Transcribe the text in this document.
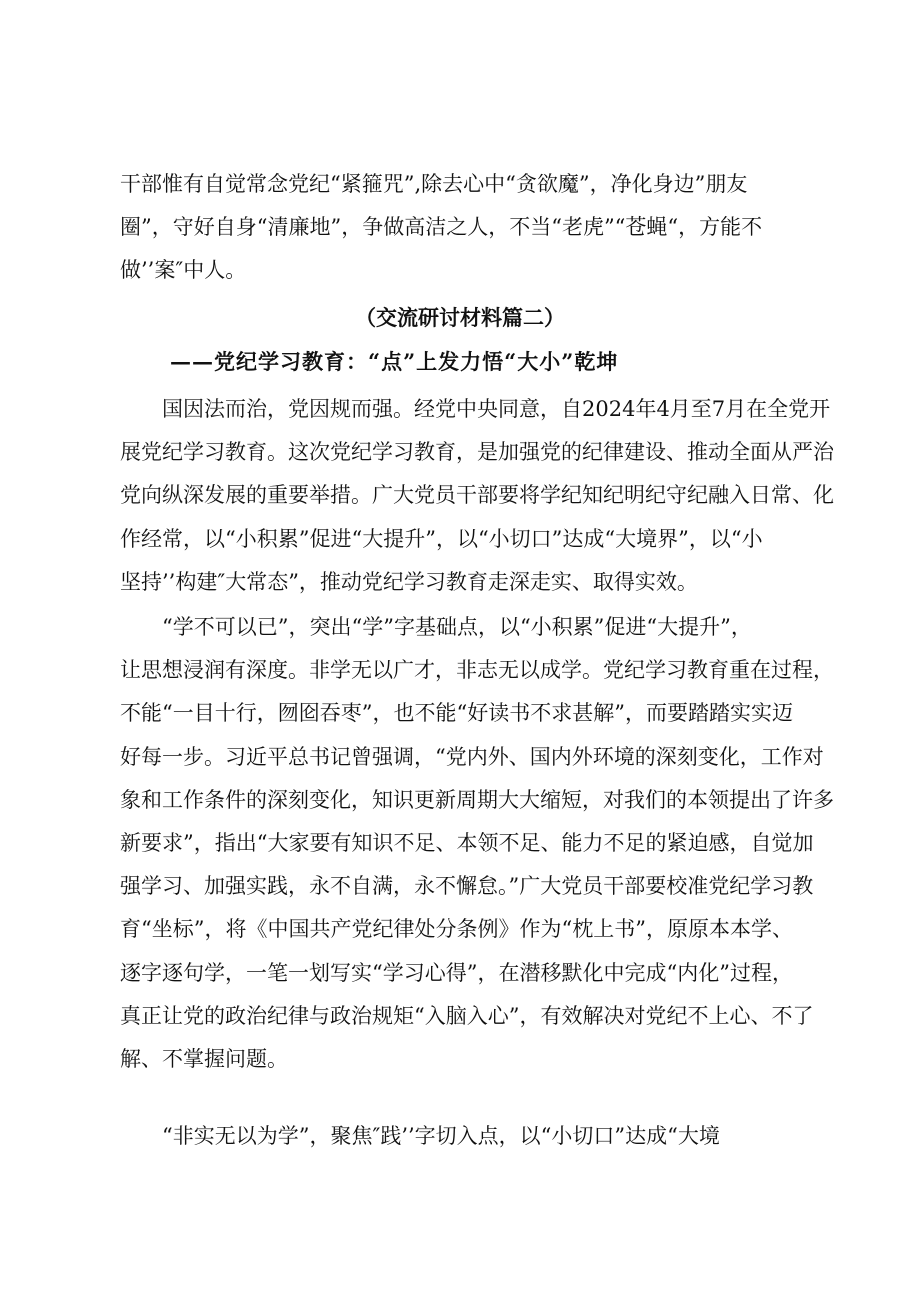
干部惟有自觉常念党纪“紧箍咒”,除去心中“贪欲魔”，净化身边”朋友
圈”，守好自身“清廉地”，争做高洁之人，不当“老虎”“苍蝇“，方能不
做’’案″中人。
（交流研讨材料篇二）
——党纪学习教育：“点”上发力悟“大小”乾坤
　　国因法而治，党因规而强。经党中央同意，自2024年4月至7月在全党开
展党纪学习教育。这次党纪学习教育，是加强党的纪律建设、推动全面从严治
党向纵深发展的重要举措。广大党员干部要将学纪知纪明纪守纪融入日常、化
作经常，以“小积累”促进“大提升”，以“小切口”达成“大境界”，以“小
坚持’’构建″大常态”，推动党纪学习教育走深走实、取得实效。
　　“学不可以已”，突出“学”字基础点，以“小积累”促进“大提升”，
让思想浸润有深度。非学无以广才，非志无以成学。党纪学习教育重在过程，
不能“一目十行，囫囵吞枣”，也不能“好读书不求甚解”，而要踏踏实实迈
好每一步。习近平总书记曾强调，“党内外、国内外环境的深刻变化，工作对
象和工作条件的深刻变化，知识更新周期大大缩短，对我们的本领提出了许多
新要求”，指出“大家要有知识不足、本领不足、能力不足的紧迫感，自觉加
强学习、加强实践，永不自满，永不懈怠。”广大党员干部要校准党纪学习教
育“坐标”，将《中国共产党纪律处分条例》作为“枕上书”，原原本本学、
逐字逐句学，一笔一划写实“学习心得”，在潜移默化中完成“内化”过程，
真正让党的政治纪律与政治规矩“入脑入心”，有效解决对党纪不上心、不了
解、不掌握问题。
　　“非实无以为学”，聚焦″践’’字切入点，以“小切口”达成“大境
